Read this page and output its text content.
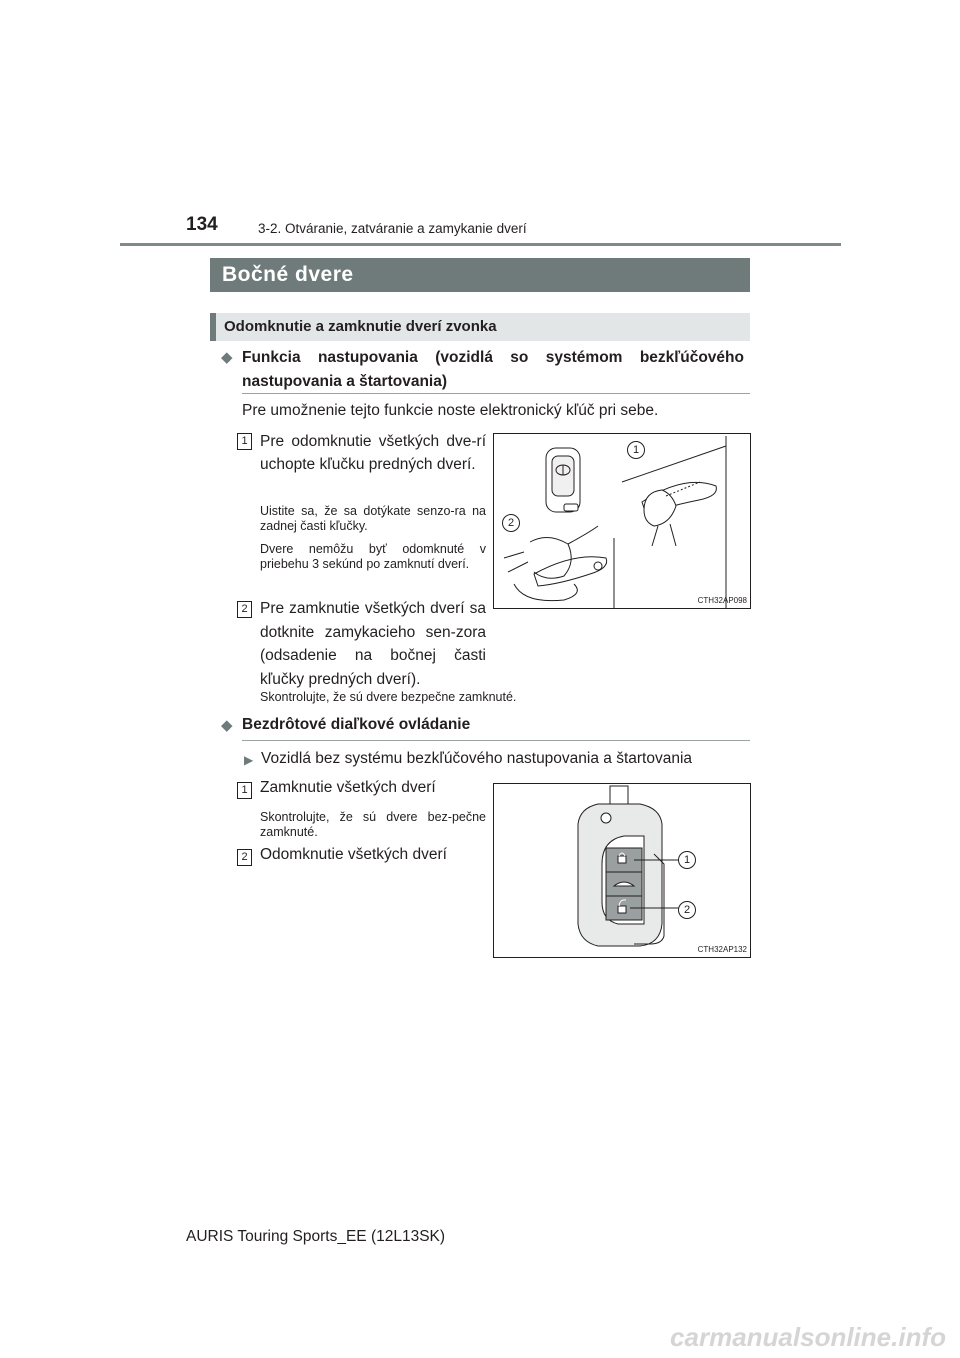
134	3-2. Otváranie, zatváranie a zamykanie dverí
Bočné dvere
Odomknutie a zamknutie dverí zvonka
◆ Funkcia nastupovania (vozidlá so systémom bezkľúčového
nastupovania a štartovania)
Pre umožnenie tejto funkcie noste elektronický kľúč pri sebe.
1 Pre odomknutie všetkých dve-rí uchopte kľučku predných dverí.
Uistite sa, že sa dotýkate senzo-ra na zadnej časti kľučky.
Dvere nemôžu byť odomknuté v priebehu 3 sekúnd po zamknutí dverí.
2 Pre zamknutie všetkých dverí sa dotknite zamykacieho sen-zora (odsadenie na bočnej časti kľučky predných dverí).
Skontrolujte, že sú dvere bezpečne zamknuté.
1
2
CTH32AP098
◆ Bezdrôtové diaľkové ovládanie
▶ Vozidlá bez systému bezkľúčového nastupovania a štartovania
1 Zamknutie všetkých dverí
Skontrolujte, že sú dvere bez-pečne zamknuté.
2 Odomknutie všetkých dverí	1
2
CTH32AP132
AURIS Touring Sports_EE (12L13SK)
carmanualsonline.info
